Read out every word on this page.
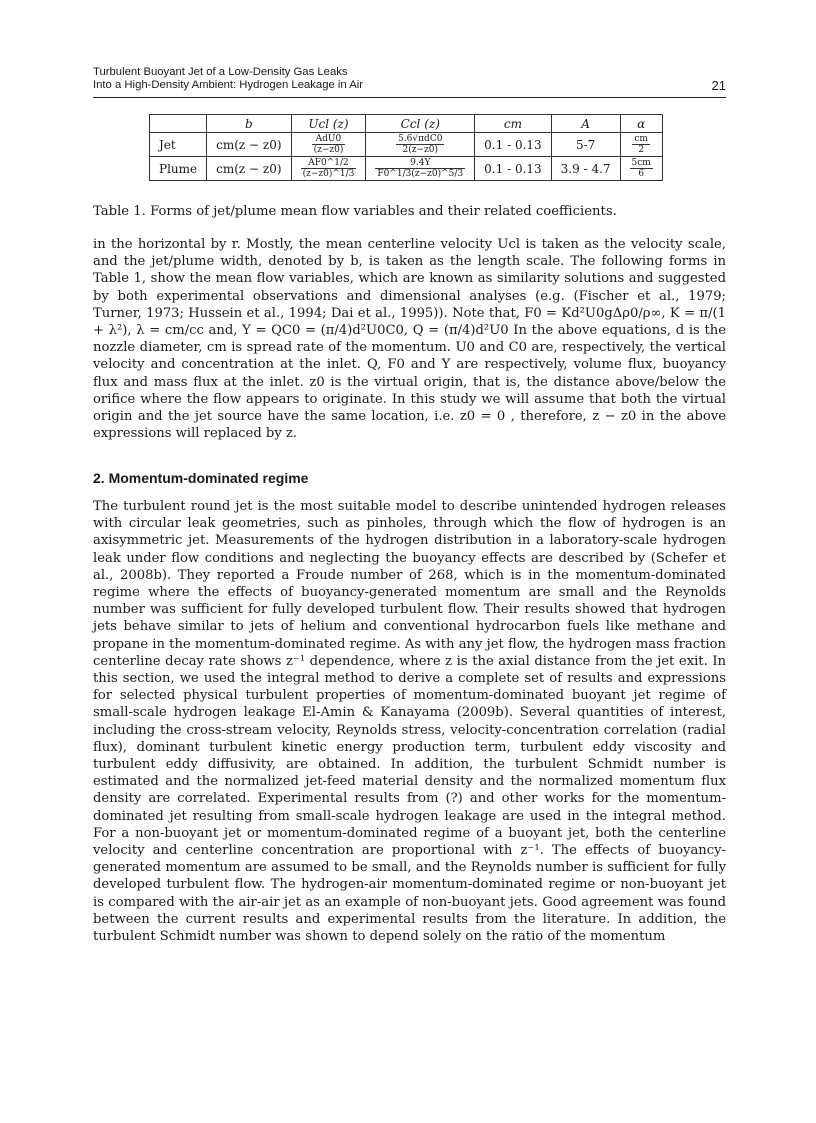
Turbulent Buoyant Jet of a Low-Density Gas Leaks
Into a High-Density Ambient: Hydrogen Leakage in Air	21
	b	Ucl (z)	Ccl (z)	cm	A	α
Jet	cm(z − z0)	$\frac{\text{AdU0}}{(z-z0)}$	$\frac{\text{5.6√πdC0}}{2(z-z0)}$	0.1 - 0.13	5-7	$\frac{cm}{2}$

Plume	cm(z − z0)	$\frac{AF0\^{}1/2}{(z-z0)\^{}1/3}$	$\frac{9.4Y}{F0\^{}1/3(z-z0)\^{}5/3}$	0.1 - 0.13	3.9 - 4.7	$\frac{5cm}{6}$
Table 1. Forms of jet/plume mean flow variables and their related coefficients.
in the horizontal by r. Mostly, the mean centerline velocity Ucl is taken as the velocity scale, and the jet/plume width, denoted by b, is taken as the length scale. The following forms in Table 1, show the mean flow variables, which are known as similarity solutions and suggested by both experimental observations and dimensional analyses (e.g. (Fischer et al., 1979; Turner, 1973; Hussein et al., 1994; Dai et al., 1995)). Note that, F0 = Kd²U0gΔρ0/ρ∞, K = π/(1 + λ²), λ = cm/cc and, Y = QC0 = (π/4)d²U0C0, Q = (π/4)d²U0 In the above equations, d is the nozzle diameter, cm is spread rate of the momentum. U0 and C0 are, respectively, the vertical velocity and concentration at the inlet. Q, F0 and Y are respectively, volume flux, buoyancy flux and mass flux at the inlet. z0 is the virtual origin, that is, the distance above/below the orifice where the flow appears to originate. In this study we will assume that both the virtual origin and the jet source have the same location, i.e. z0 = 0 , therefore, z − z0 in the above expressions will replaced by z.
2. Momentum-dominated regime
The turbulent round jet is the most suitable model to describe unintended hydrogen releases with circular leak geometries, such as pinholes, through which the flow of hydrogen is an axisymmetric jet. Measurements of the hydrogen distribution in a laboratory-scale hydrogen leak under flow conditions and neglecting the buoyancy effects are described by (Schefer et al., 2008b). They reported a Froude number of 268, which is in the momentum-dominated regime where the effects of buoyancy-generated momentum are small and the Reynolds number was sufficient for fully developed turbulent flow. Their results showed that hydrogen jets behave similar to jets of helium and conventional hydrocarbon fuels like methane and propane in the momentum-dominated regime. As with any jet flow, the hydrogen mass fraction centerline decay rate shows z⁻¹ dependence, where z is the axial distance from the jet exit. In this section, we used the integral method to derive a complete set of results and expressions for selected physical turbulent properties of momentum-dominated buoyant jet regime of small-scale hydrogen leakage El-Amin & Kanayama (2009b). Several quantities of interest, including the cross-stream velocity, Reynolds stress, velocity-concentration correlation (radial flux), dominant turbulent kinetic energy production term, turbulent eddy viscosity and turbulent eddy diffusivity, are obtained. In addition, the turbulent Schmidt number is estimated and the normalized jet-feed material density and the normalized momentum flux density are correlated. Experimental results from (?) and other works for the momentum-dominated jet resulting from small-scale hydrogen leakage are used in the integral method. For a non-buoyant jet or momentum-dominated regime of a buoyant jet, both the centerline velocity and centerline concentration are proportional with z⁻¹. The effects of buoyancy-generated momentum are assumed to be small, and the Reynolds number is sufficient for fully developed turbulent flow. The hydrogen-air momentum-dominated regime or non-buoyant jet is compared with the air-air jet as an example of non-buoyant jets. Good agreement was found between the current results and experimental results from the literature. In addition, the turbulent Schmidt number was shown to depend solely on the ratio of the momentum
